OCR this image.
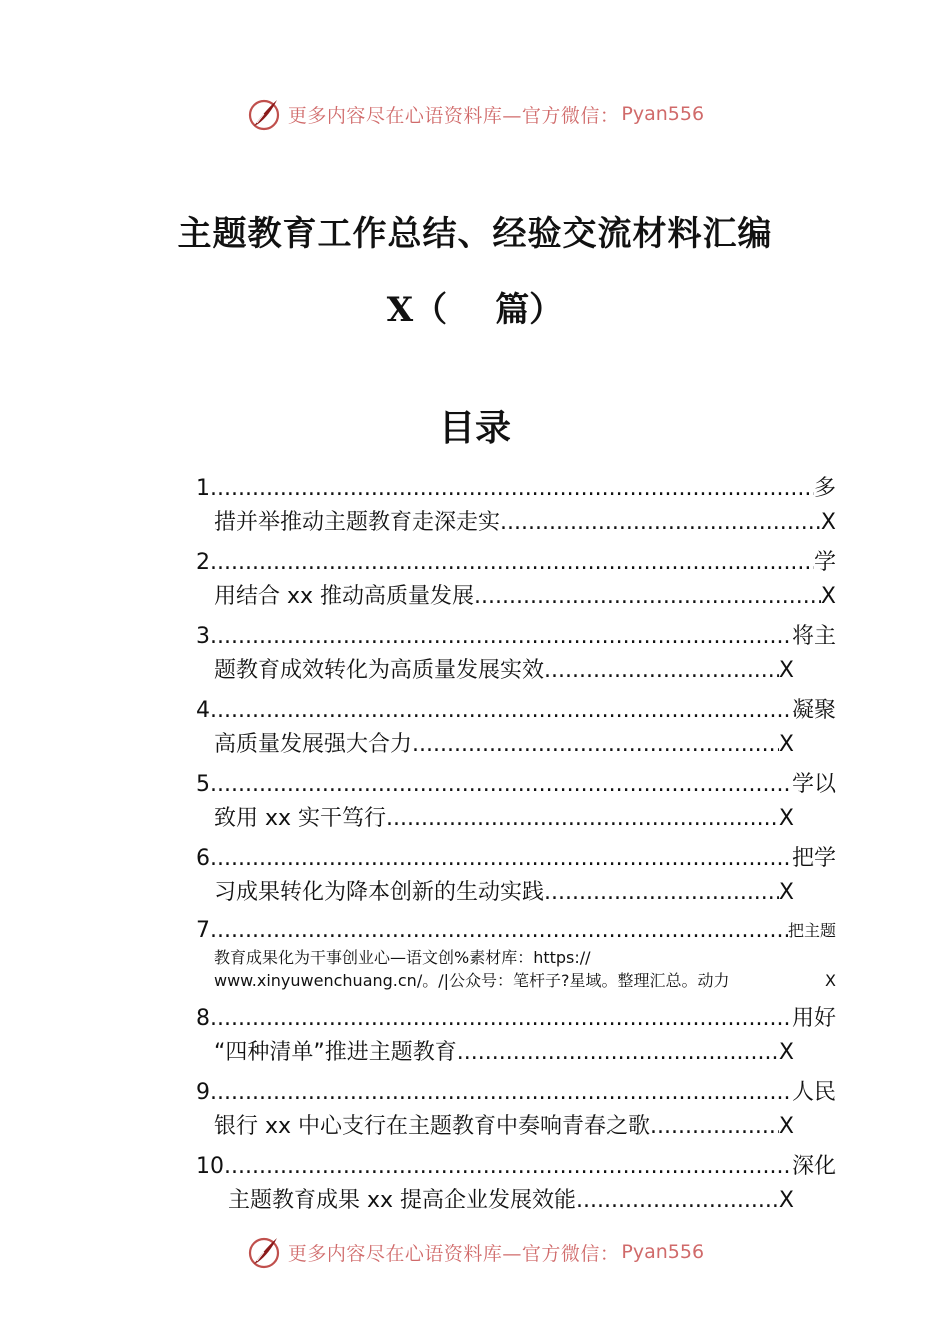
更多内容尽在心语资料库—官方微信： Pyan556
主题教育工作总结、经验交流材料汇编
X（ 篇）
目录
1 .....	多
措并举推动主题教育走深走实 .....	X
2 .....	学
用结合 xx 推动高质量发展 .....	X
3 .....	将主
题教育成效转化为高质量发展实效 .....	X
4 .....	凝聚
高质量发展强大合力 .....	X
5 .....	学以
致用 xx 实干笃行 .....	X
6 .....	把学
习成果转化为降本创新的生动实践 .....	X
7 .....	把主题
教育成果化为干事创业心—语文创%素材库：https://
www.xinyuwenchuang.cn/。/|公众号：笔杆子?星域。整理汇总。动力	X
8 .....	用好
“四种清单”推进主题教育 .....	X
9 .....	人民
银行 xx 中心支行在主题教育中奏响青春之歌 .....	X
10 .....	深化
主题教育成果 xx 提高企业发展效能 .....	X
更多内容尽在心语资料库—官方微信： Pyan556
